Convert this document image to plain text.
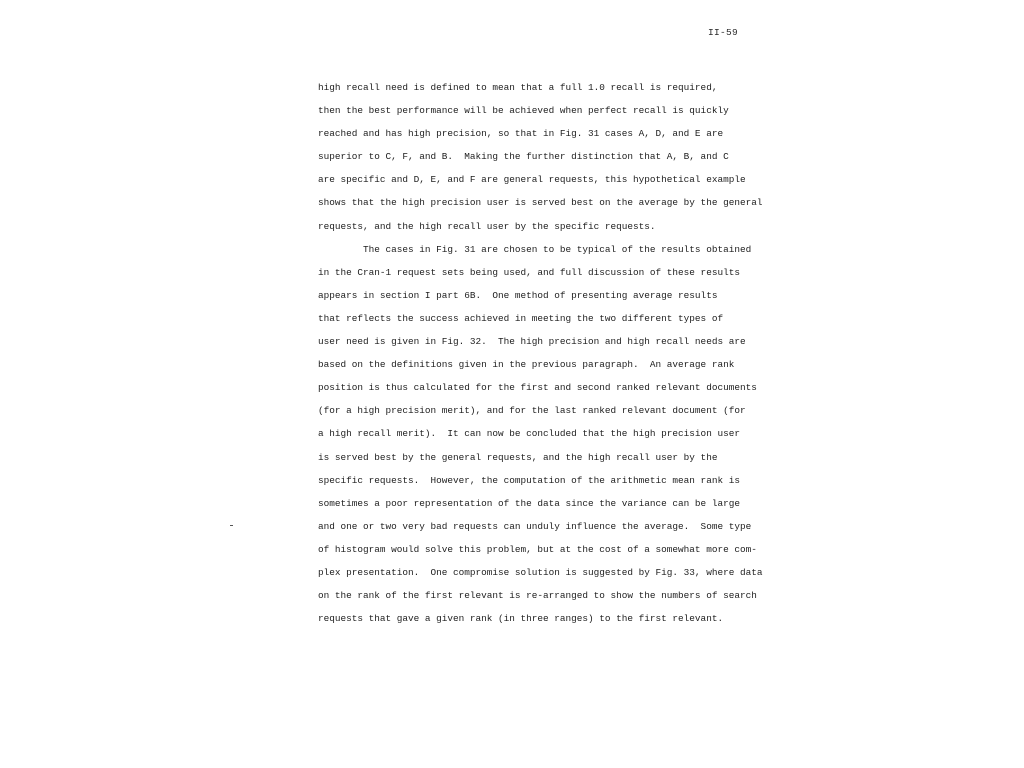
II-59
high recall need is defined to mean that a full 1.0 recall is required,
then the best performance will be achieved when perfect recall is quickly
reached and has high precision, so that in Fig. 31 cases A, D, and E are
superior to C, F, and B.  Making the further distinction that A, B, and C
are specific and D, E, and F are general requests, this hypothetical example
shows that the high precision user is served best on the average by the general
requests, and the high recall user by the specific requests.
The cases in Fig. 31 are chosen to be typical of the results obtained
in the Cran-1 request sets being used, and full discussion of these results
appears in section I part 6B.  One method of presenting average results
that reflects the success achieved in meeting the two different types of
user need is given in Fig. 32.  The high precision and high recall needs are
based on the definitions given in the previous paragraph.  An average rank
position is thus calculated for the first and second ranked relevant documents
(for a high precision merit), and for the last ranked relevant document (for
a high recall merit).  It can now be concluded that the high precision user
is served best by the general requests, and the high recall user by the
specific requests.  However, the computation of the arithmetic mean rank is
sometimes a poor representation of the data since the variance can be large
and one or two very bad requests can unduly influence the average.  Some type
of histogram would solve this problem, but at the cost of a somewhat more com-
plex presentation.  One compromise solution is suggested by Fig. 33, where data
on the rank of the first relevant is re-arranged to show the numbers of search
requests that gave a given rank (in three ranges) to the first relevant.
